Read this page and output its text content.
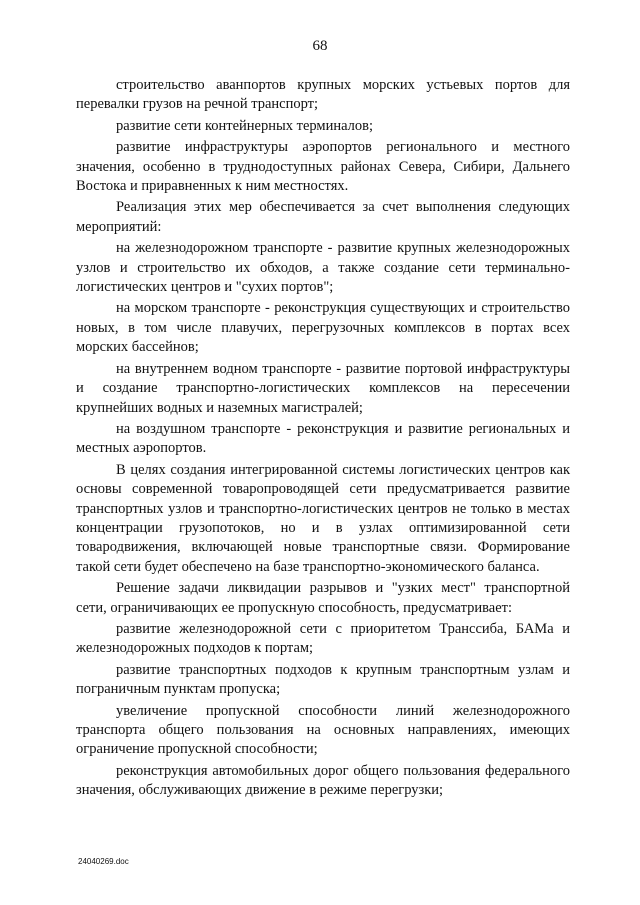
68

строительство аванпортов крупных морских устьевых портов для перевалки грузов на речной транспорт;

развитие сети контейнерных терминалов;

развитие инфраструктуры аэропортов регионального и местного значения, особенно в труднодоступных районах Севера, Сибири, Дальнего Востока и приравненных к ним местностях.

Реализация этих мер обеспечивается за счет выполнения следующих мероприятий:

на железнодорожном транспорте - развитие крупных железнодорожных узлов и строительство их обходов, а также создание сети терминально-логистических центров и "сухих портов";

на морском транспорте - реконструкция существующих и строительство новых, в том числе плавучих, перегрузочных комплексов в портах всех морских бассейнов;

на внутреннем водном транспорте - развитие портовой инфраструктуры и создание транспортно-логистических комплексов на пересечении крупнейших водных и наземных магистралей;

на воздушном транспорте - реконструкция и развитие региональных и местных аэропортов.

В целях создания интегрированной системы логистических центров как основы современной товаропроводящей сети предусматривается развитие транспортных узлов и транспортно-логистических центров не только в местах концентрации грузопотоков, но и в узлах оптимизированной сети товародвижения, включающей новые транспортные связи. Формирование такой сети будет обеспечено на базе транспортно-экономического баланса.

Решение задачи ликвидации разрывов и "узких мест" транспортной сети, ограничивающих ее пропускную способность, предусматривает:

развитие железнодорожной сети с приоритетом Транссиба, БАМа и железнодорожных подходов к портам;

развитие транспортных подходов к крупным транспортным узлам и пограничным пунктам пропуска;

увеличение пропускной способности линий железнодорожного транспорта общего пользования на основных направлениях, имеющих ограничение пропускной способности;

реконструкция автомобильных дорог общего пользования федерального значения, обслуживающих движение в режиме перегрузки;

24040269.doc
